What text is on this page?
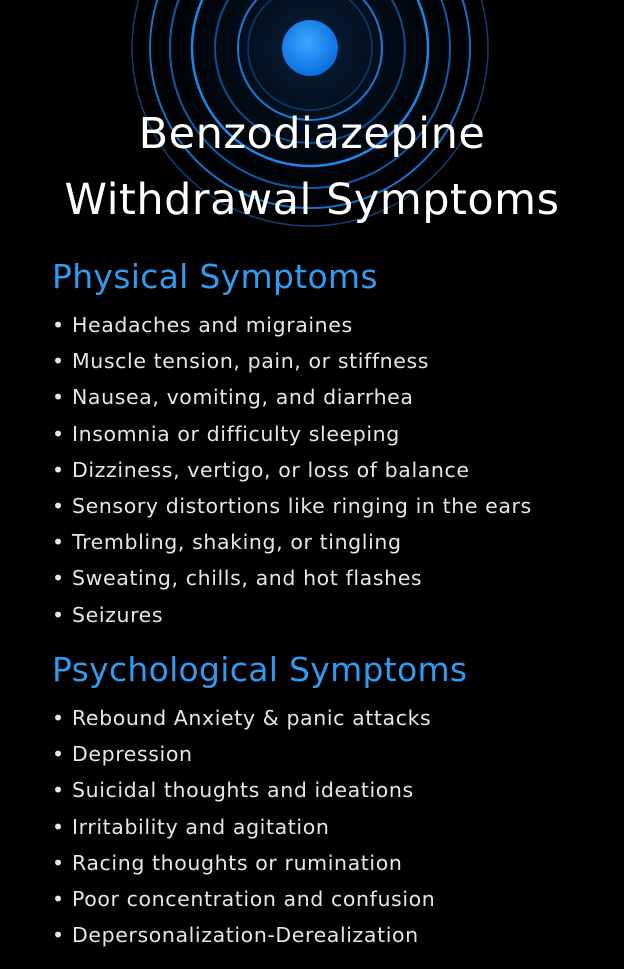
Benzodiazepine
Withdrawal Symptoms
Physical Symptoms
• Headaches and migraines
• Muscle tension, pain, or stiffness
• Nausea, vomiting, and diarrhea
• Insomnia or difficulty sleeping
• Dizziness, vertigo, or loss of balance
• Sensory distortions like ringing in the ears
• Trembling, shaking, or tingling
• Sweating, chills, and hot flashes
• Seizures
Psychological Symptoms
• Rebound Anxiety & panic attacks
• Depression
• Suicidal thoughts and ideations
• Irritability and agitation
• Racing thoughts or rumination
• Poor concentration and confusion
• Depersonalization-Derealization
